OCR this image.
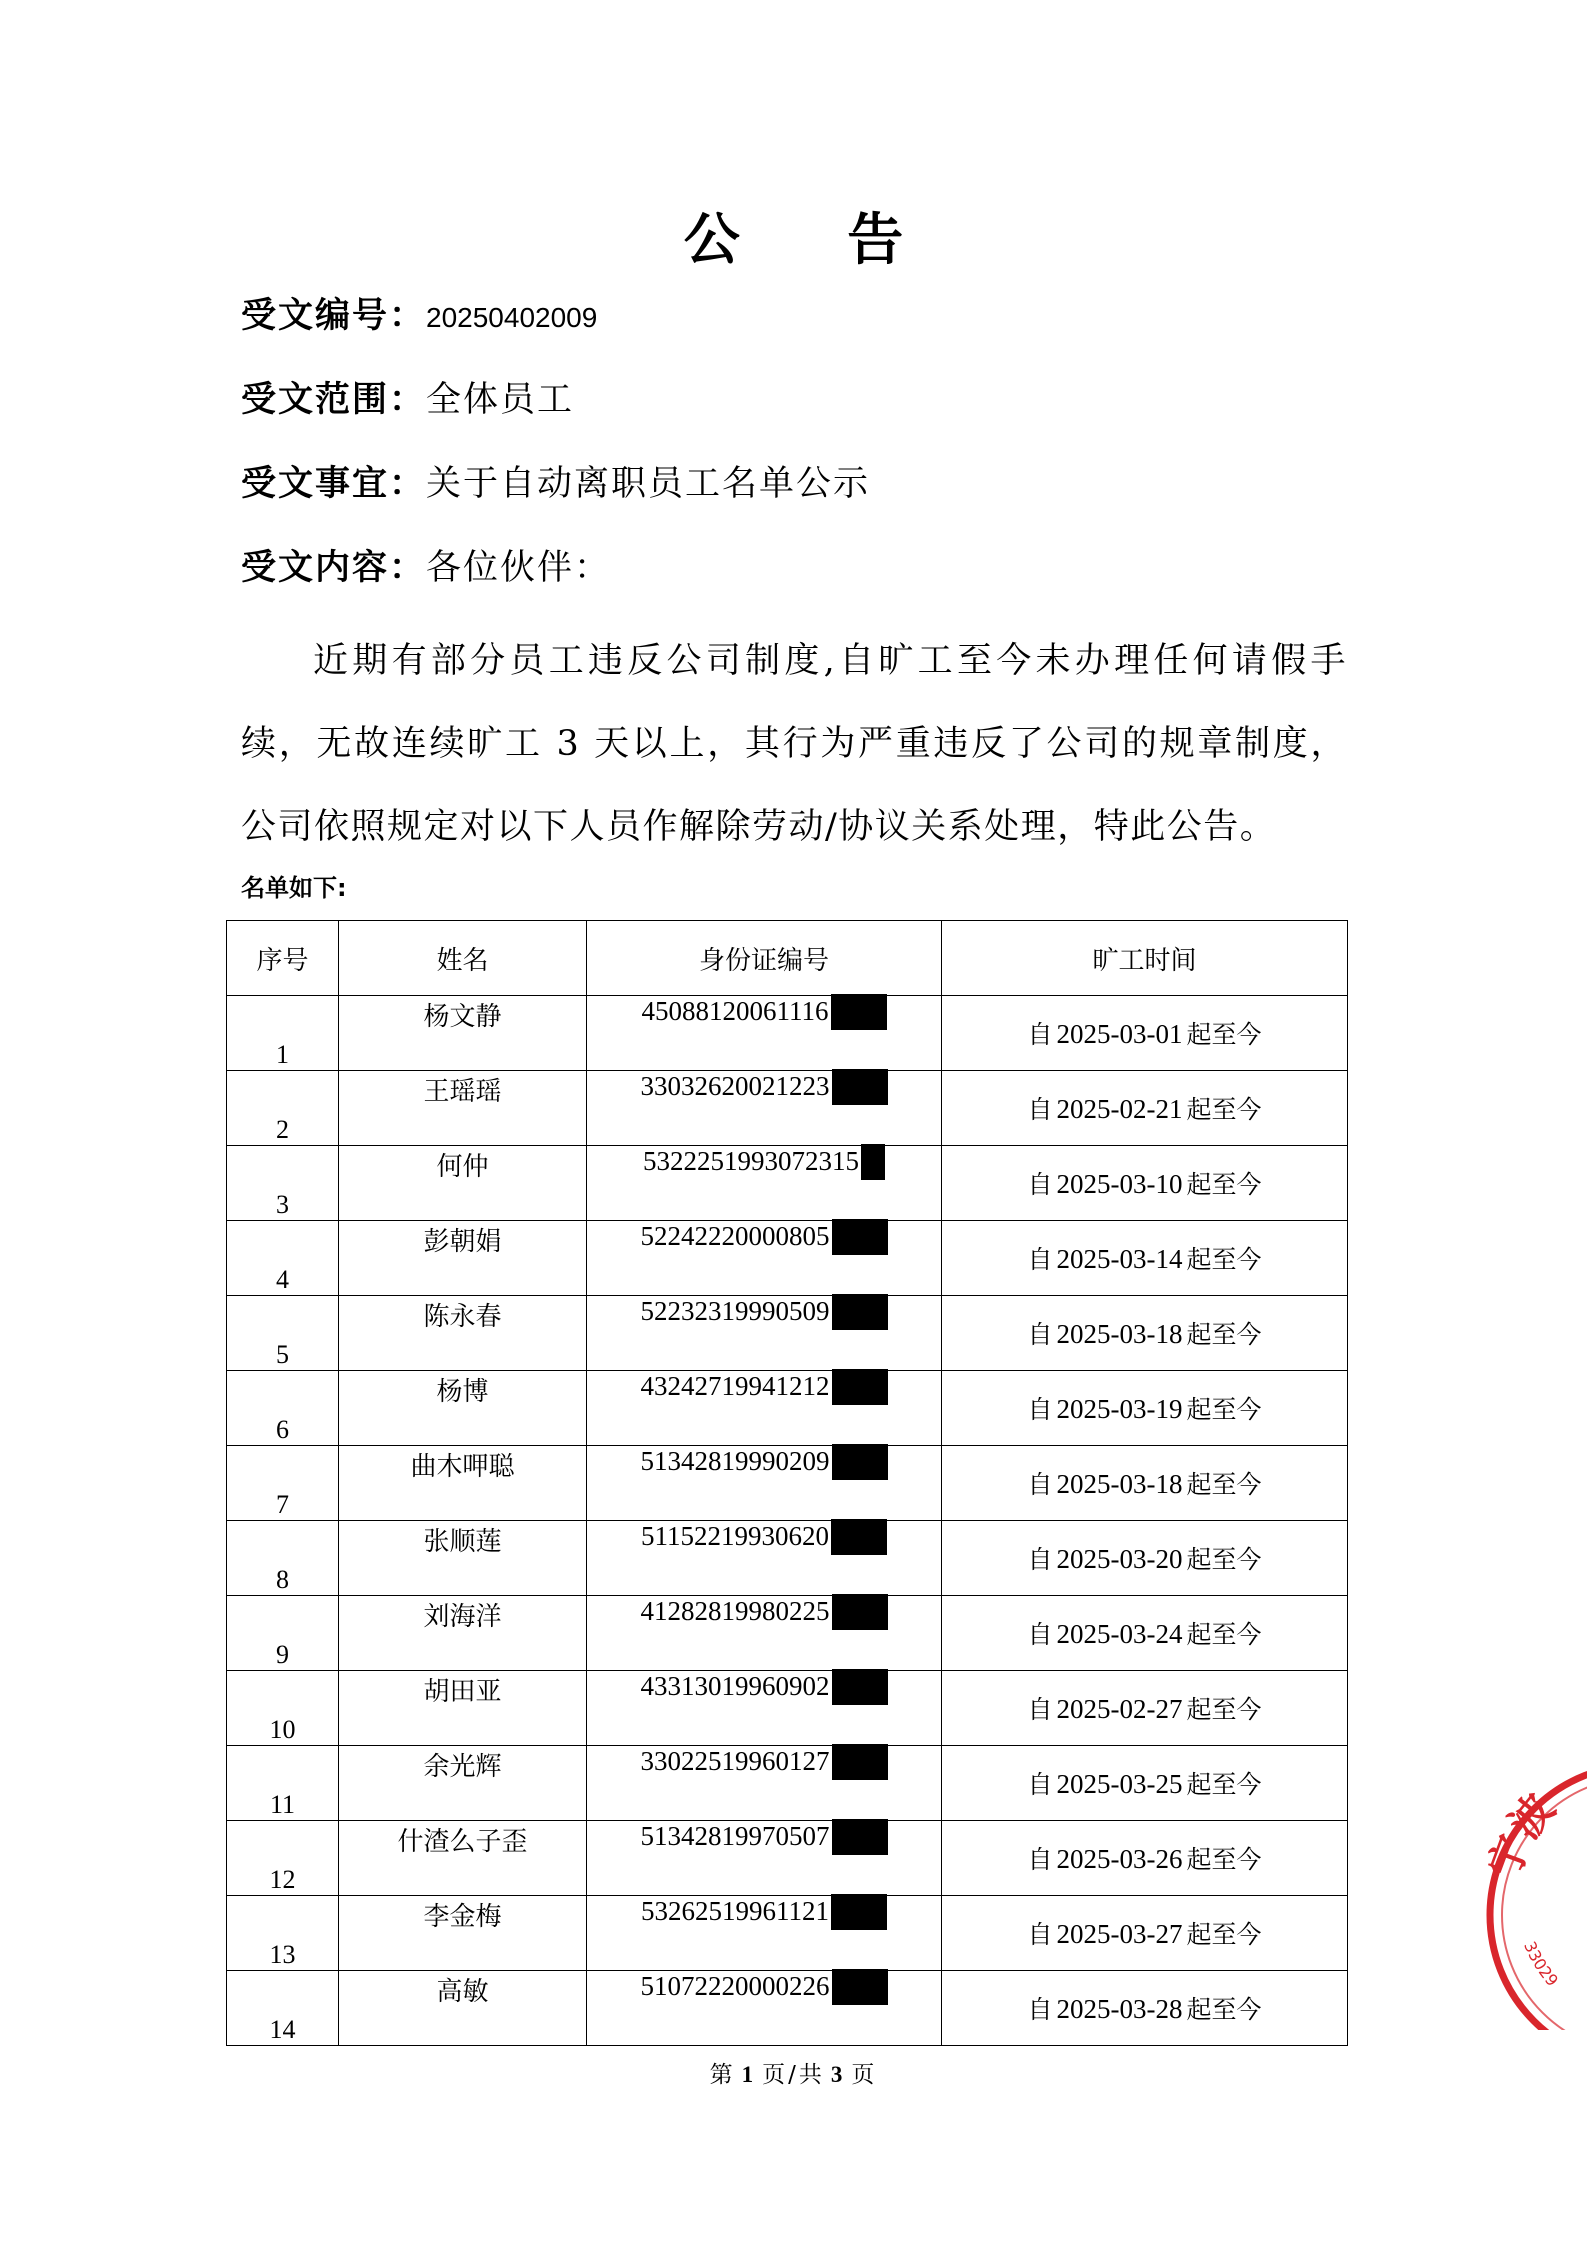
公 告
受文编号：20250402009
受文范围：全体员工
受文事宜：关于自动离职员工名单公示
受文内容：各位伙伴：
近期有部分员工违反公司制度,自旷工至今未办理任何请假手续，无故连续旷工 3 天以上，其行为严重违反了公司的规章制度，公司依照规定对以下人员作解除劳动/协议关系处理，特此公告。
名单如下:
序号	姓名	身份证编号	旷工时间
1	杨文静	45088120061116	自 2025-03-01 起至今
2	王瑶瑶	33032620021223	自 2025-02-21 起至今
3	何仲	5322251993072315	自 2025-03-10 起至今
4	彭朝娟	52242220000805	自 2025-03-14 起至今
5	陈永春	52232319990509	自 2025-03-18 起至今
6	杨博	43242719941212	自 2025-03-19 起至今
7	曲木呷聪	51342819990209	自 2025-03-18 起至今
8	张顺莲	51152219930620	自 2025-03-20 起至今
9	刘海洋	41282819980225	自 2025-03-24 起至今
10	胡田亚	43313019960902	自 2025-02-27 起至今
11	余光辉	33022519960127	自 2025-03-25 起至今
12	什渣么子歪	51342819970507	自 2025-03-26 起至今
13	李金梅	53262519961121	自 2025-03-27 起至今
14	高敏	51072220000226	自 2025-03-28 起至今
第 1 页/共 3 页
宁波
33029
